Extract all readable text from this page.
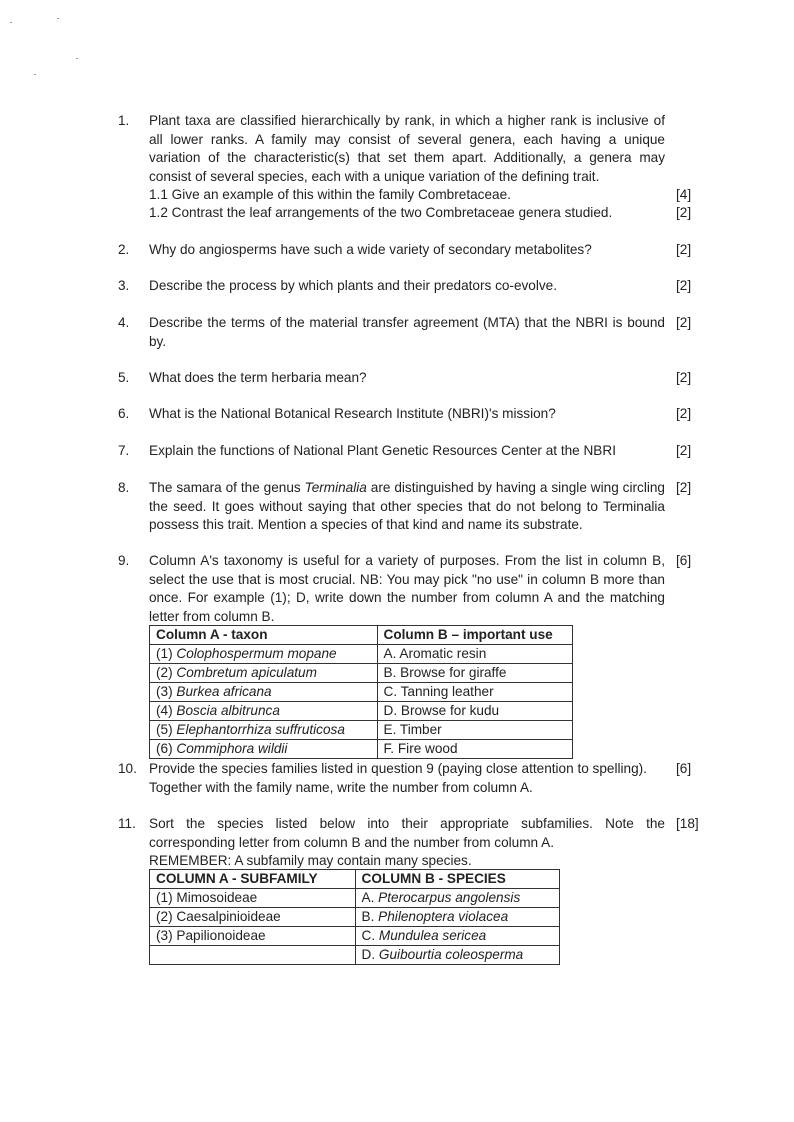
1.	Plant taxa are classified hierarchically by rank, in which a higher rank is inclusive of all lower ranks. A family may consist of several genera, each having a unique variation of the characteristic(s) that set them apart. Additionally, a genera may consist of several species, each with a unique variation of the defining trait.
1.1 Give an example of this within the family Combretaceae.	[4]
1.2 Contrast the leaf arrangements of the two Combretaceae genera studied.	[2]
2.	Why do angiosperms have such a wide variety of secondary metabolites?	[2]
3.	Describe the process by which plants and their predators co-evolve.	[2]
4.	Describe the terms of the material transfer agreement (MTA) that the NBRI is bound by.
[2]
5.	What does the term herbaria mean?	[2]
6.	What is the National Botanical Research Institute (NBRI)'s mission?	[2]
7.	Explain the functions of National Plant Genetic Resources Center at the NBRI	[2]
8.	The samara of the genus Terminalia are distinguished by having a single wing circling the seed. It goes without saying that other species that do not belong to Terminalia possess this trait. Mention a species of that kind and name its substrate.
[2]
9.	Column A's taxonomy is useful for a variety of purposes. From the list in column B, select the use that is most crucial. NB: You may pick "no use" in column B more than once. For example (1); D, write down the number from column A and the matching letter from column B.
[6]
Column A - taxon	Column B – important use
(1) Colophospermum mopane	A. Aromatic resin
(2) Combretum apiculatum	B. Browse for giraffe
(3) Burkea africana	C. Tanning leather
(4) Boscia albitrunca	D. Browse for kudu
(5) Elephantorrhiza suffruticosa	E. Timber
(6) Commiphora wildii	F. Fire wood
10. Provide the species families listed in question 9 (paying close attention to spelling). Together with the family name, write the number from column A.
[6]
11. Sort the species listed below into their appropriate subfamilies. Note the corresponding letter from column B and the number from column A.
REMEMBER: A subfamily may contain many species.
[18]
COLUMN A - SUBFAMILY	COLUMN B - SPECIES
(1) Mimosoideae	A. Pterocarpus angolensis
(2) Caesalpinioideae	B. Philenoptera violacea
(3) Papilionoideae	C. Mundulea sericea
	D. Guibourtia coleosperma
